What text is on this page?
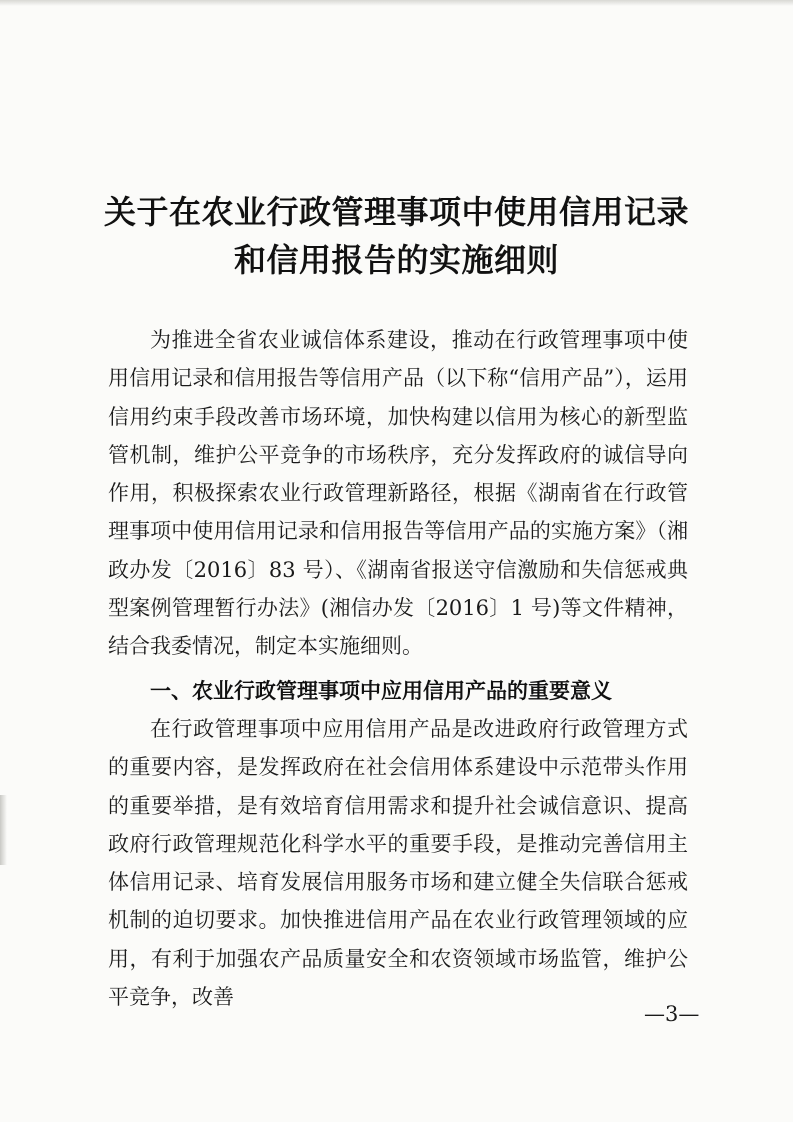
关于在农业行政管理事项中使用信用记录
和信用报告的实施细则

为推进全省农业诚信体系建设，推动在行政管理事项中使用信用记录和信用报告等信用产品（以下称“信用产品”），运用信用约束手段改善市场环境，加快构建以信用为核心的新型监管机制，维护公平竞争的市场秩序，充分发挥政府的诚信导向作用，积极探索农业行政管理新路径，根据《湖南省在行政管理事项中使用信用记录和信用报告等信用产品的实施方案》（湘政办发〔2016〕83 号）、《湖南省报送守信激励和失信惩戒典型案例管理暂行办法》(湘信办发〔2016〕1 号)等文件精神，结合我委情况，制定本实施细则。

一、农业行政管理事项中应用信用产品的重要意义

在行政管理事项中应用信用产品是改进政府行政管理方式的重要内容，是发挥政府在社会信用体系建设中示范带头作用的重要举措，是有效培育信用需求和提升社会诚信意识、提高政府行政管理规范化科学水平的重要手段，是推动完善信用主体信用记录、培育发展信用服务市场和建立健全失信联合惩戒机制的迫切要求。加快推进信用产品在农业行政管理领域的应用，有利于加强农产品质量安全和农资领域市场监管，维护公平竞争，改善

—3—
